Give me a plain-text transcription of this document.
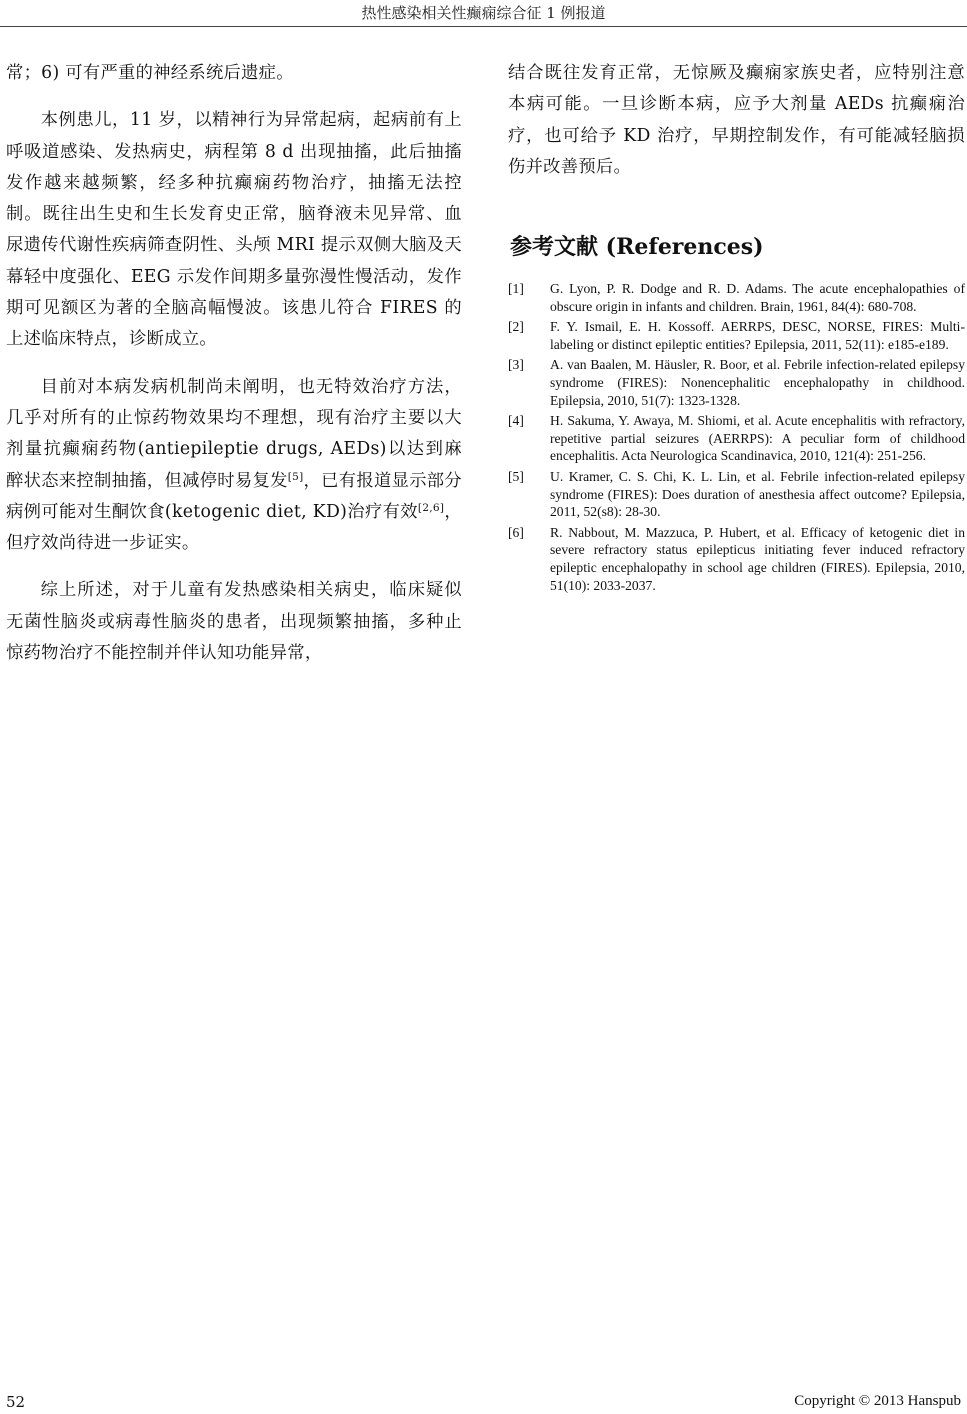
热性感染相关性癫痫综合征 1 例报道

常；6) 可有严重的神经系统后遗症。

本例患儿，11 岁，以精神行为异常起病，起病前有上呼吸道感染、发热病史，病程第 8 d 出现抽搐，此后抽搐发作越来越频繁，经多种抗癫痫药物治疗，抽搐无法控制。既往出生史和生长发育史正常，脑脊液未见异常、血尿遗传代谢性疾病筛查阴性、头颅 MRI 提示双侧大脑及天幕轻中度强化、EEG 示发作间期多量弥漫性慢活动，发作期可见额区为著的全脑高幅慢波。该患儿符合 FIRES 的上述临床特点，诊断成立。

目前对本病发病机制尚未阐明，也无特效治疗方法，几乎对所有的止惊药物效果均不理想，现有治疗主要以大剂量抗癫痫药物(antiepileptie drugs, AEDs)以达到麻醉状态来控制抽搐，但减停时易复发[5]，已有报道显示部分病例可能对生酮饮食(ketogenic diet, KD)治疗有效[2,6]，但疗效尚待进一步证实。

综上所述，对于儿童有发热感染相关病史，临床疑似无菌性脑炎或病毒性脑炎的患者，出现频繁抽搐，多种止惊药物治疗不能控制并伴认知功能异常，

结合既往发育正常，无惊厥及癫痫家族史者，应特别注意本病可能。一旦诊断本病，应予大剂量 AEDs 抗癫痫治疗，也可给予 KD 治疗，早期控制发作，有可能减轻脑损伤并改善预后。

参考文献 (References)
[1] G. Lyon, P. R. Dodge and R. D. Adams. The acute encephalopathies of obscure origin in infants and children. Brain, 1961, 84(4): 680-708.
[2] F. Y. Ismail, E. H. Kossoff. AERRPS, DESC, NORSE, FIRES: Multi-labeling or distinct epileptic entities? Epilepsia, 2011, 52(11): e185-e189.
[3] A. van Baalen, M. Häusler, R. Boor, et al. Febrile infection-related epilepsy syndrome (FIRES): Nonencephalitic encephalopathy in childhood. Epilepsia, 2010, 51(7): 1323-1328.
[4] H. Sakuma, Y. Awaya, M. Shiomi, et al. Acute encephalitis with refractory, repetitive partial seizures (AERRPS): A peculiar form of childhood encephalitis. Acta Neurologica Scandinavica, 2010, 121(4): 251-256.
[5] U. Kramer, C. S. Chi, K. L. Lin, et al. Febrile infection-related epilepsy syndrome (FIRES): Does duration of anesthesia affect outcome? Epilepsia, 2011, 52(s8): 28-30.
[6] R. Nabbout, M. Mazzuca, P. Hubert, et al. Efficacy of ketogenic diet in severe refractory status epilepticus initiating fever induced refractory epileptic encephalopathy in school age children (FIRES). Epilepsia, 2010, 51(10): 2033-2037.
52	Copyright © 2013 Hanspub
